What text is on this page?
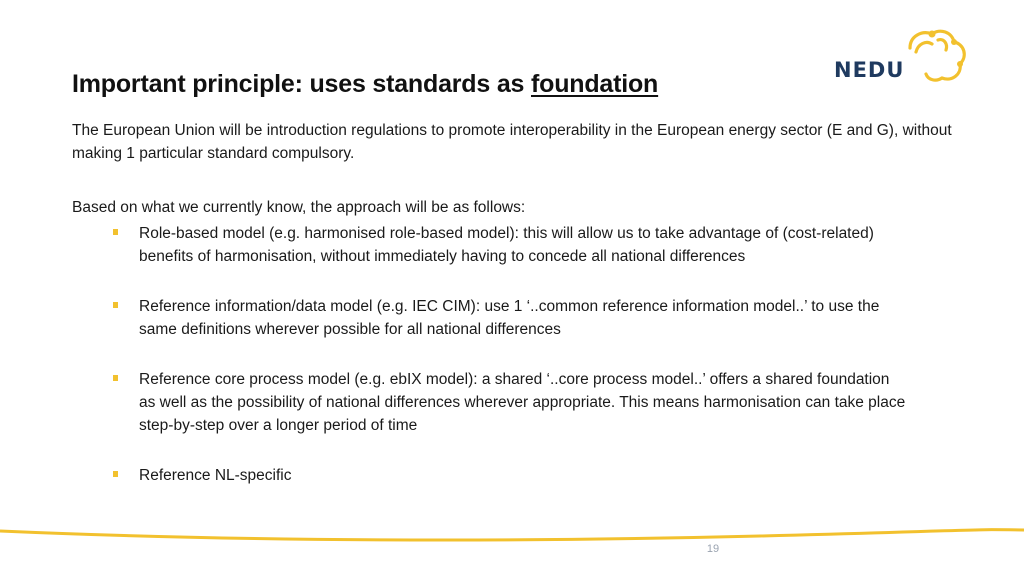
Important principle: uses standards as foundation	NEDU

The European Union will be introduction regulations to promote interoperability in the European energy sector (E and G), without making 1 particular standard compulsory.

Based on what we currently know, the approach will be as follows:

Role-based model (e.g. harmonised role-based model): this will allow us to take advantage of (cost-related) benefits of harmonisation, without immediately having to concede all national differences
Reference information/data model (e.g. IEC CIM): use 1 ‘..common reference information model..’ to use the same definitions wherever possible for all national differences
Reference core process model (e.g. ebIX model): a shared ‘..core process model..’ offers a shared foundation as well as the possibility of national differences wherever appropriate. This means harmonisation can take place step-by-step over a longer period of time
Reference NL-specific
19
